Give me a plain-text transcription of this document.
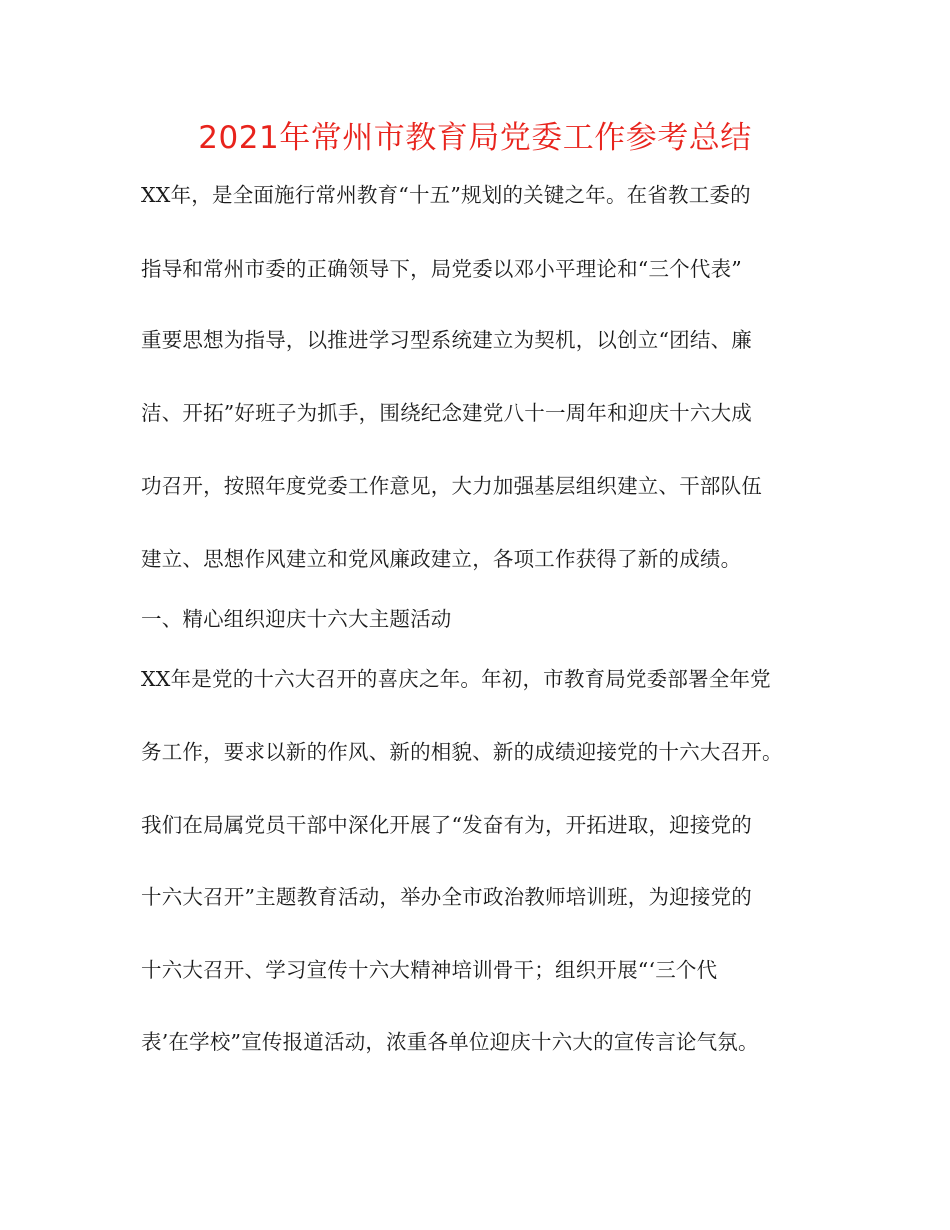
2021年常州市教育局党委工作参考总结
XX年，是全面施行常州教育“十五”规划的关键之年。在省教工委的
指导和常州市委的正确领导下，局党委以邓小平理论和“三个代表”
重要思想为指导，以推进学习型系统建立为契机，以创立“团结、廉
洁、开拓”好班子为抓手，围绕纪念建党八十一周年和迎庆十六大成
功召开，按照年度党委工作意见，大力加强基层组织建立、干部队伍
建立、思想作风建立和党风廉政建立，各项工作获得了新的成绩。
一、精心组织迎庆十六大主题活动
XX年是党的十六大召开的喜庆之年。年初，市教育局党委部署全年党
务工作，要求以新的作风、新的相貌、新的成绩迎接党的十六大召开。
我们在局属党员干部中深化开展了“发奋有为，开拓进取，迎接党的
十六大召开”主题教育活动，举办全市政治教师培训班，为迎接党的
十六大召开、学习宣传十六大精神培训骨干；组织开展“‘三个代
表’在学校”宣传报道活动，浓重各单位迎庆十六大的宣传言论气氛。
